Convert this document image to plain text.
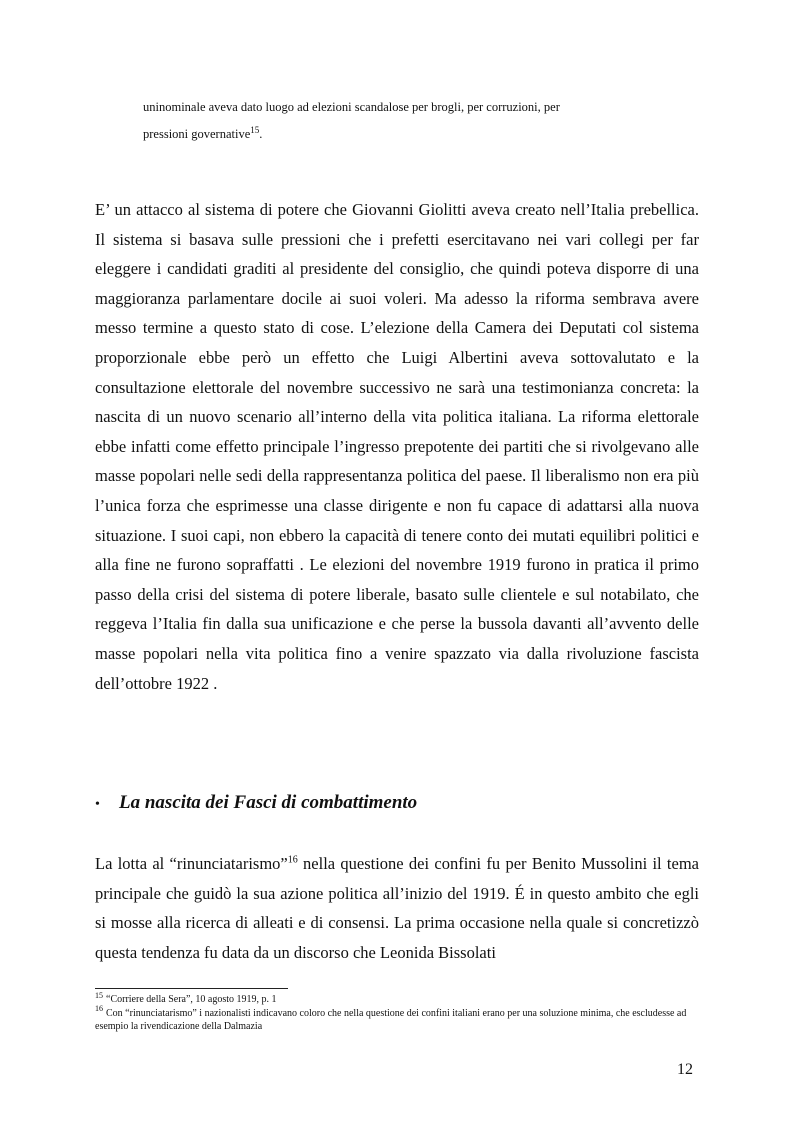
uninominale aveva dato luogo ad elezioni scandalose per brogli, per corruzioni, per

pressioni governative$^{15}$.

E’ un attacco al sistema di potere che Giovanni Giolitti aveva creato nell’Italia prebellica. Il sistema si basava sulle pressioni che i prefetti esercitavano nei vari collegi per far eleggere i candidati graditi al presidente del consiglio, che quindi poteva disporre di una maggioranza parlamentare docile ai suoi voleri. Ma adesso la riforma sembrava avere messo termine a questo stato di cose. L’elezione della Camera dei Deputati col sistema proporzionale ebbe però un effetto che Luigi Albertini aveva sottovalutato e la consultazione elettorale del novembre successivo ne sarà una testimonianza concreta: la nascita di un nuovo scenario all’interno della vita politica italiana. La riforma elettorale ebbe infatti come effetto principale l’ingresso prepotente dei partiti che si rivolgevano alle masse popolari nelle sedi della rappresentanza politica del paese. Il liberalismo non era più l’unica forza che esprimesse una classe dirigente e non fu capace di adattarsi alla nuova situazione. I suoi capi, non ebbero la capacità di tenere conto dei mutati equilibri politici e alla fine ne furono sopraffatti . Le elezioni del novembre 1919 furono in pratica il primo passo della crisi del sistema di potere liberale, basato sulle clientele e sul notabilato, che reggeva l’Italia fin dalla sua unificazione e che perse la bussola davanti all’avvento delle masse popolari nella vita politica fino a venire spazzato via dalla rivoluzione fascista dell’ottobre 1922 .

• La nascita dei Fasci di combattimento

La lotta al “rinunciatarismo”$^{16}$ nella questione dei confini fu per Benito Mussolini il tema principale che guidò la sua azione politica all’inizio del 1919. É in questo ambito che egli si mosse alla ricerca di alleati e di consensi. La prima occasione nella quale si concretizzò questa tendenza fu data da un discorso che Leonida Bissolati

$^{15}$ “Corriere della Sera”, 10 agosto 1919, p. 1

$^{16}$ Con “rinunciatarismo” i nazionalisti indicavano coloro che nella questione dei confini italiani erano per una soluzione minima, che escludesse ad esempio la rivendicazione della Dalmazia

12
